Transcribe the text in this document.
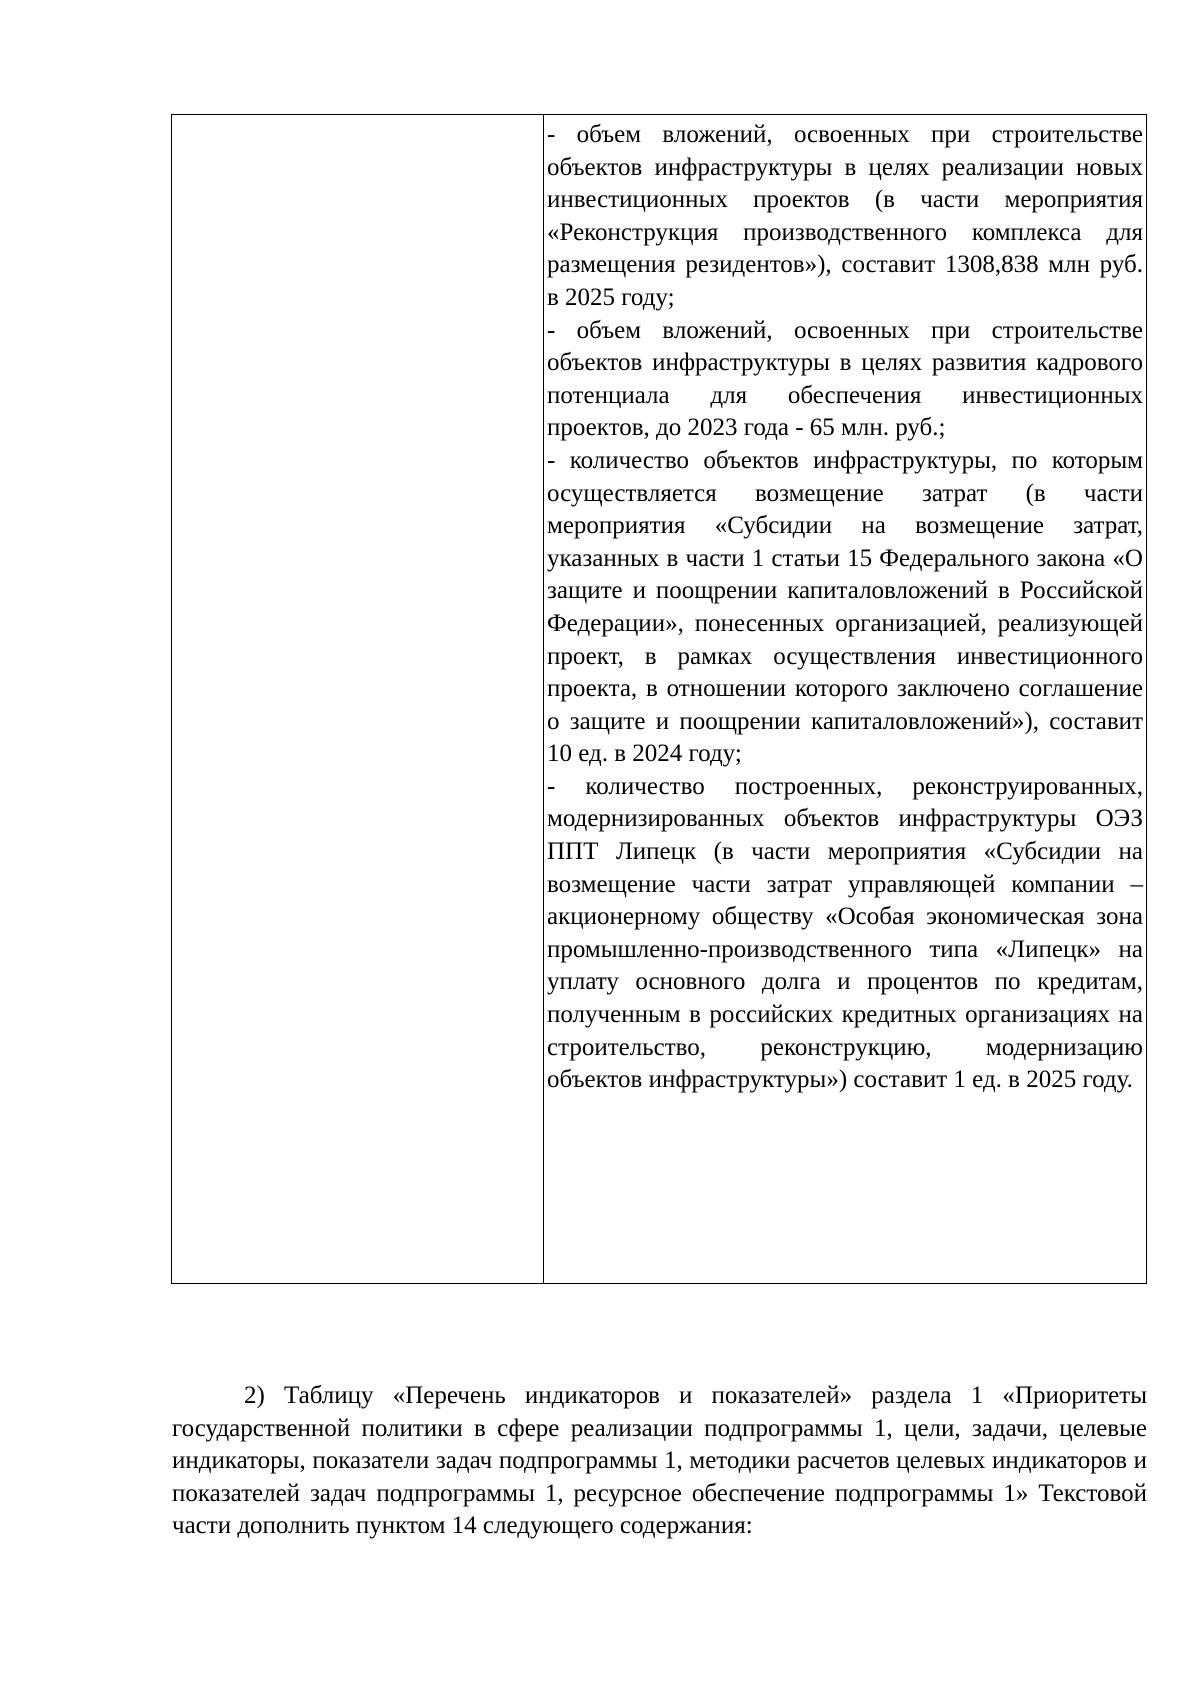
- объем вложений, освоенных при строительстве объектов инфраструктуры в целях реализации новых инвестиционных проектов (в части мероприятия «Реконструкция производственного комплекса для размещения резидентов»), составит 1308,838 млн руб. в 2025 году;

- объем вложений, освоенных при строительстве объектов инфраструктуры в целях развития кадрового потенциала для обеспечения инвестиционных проектов, до 2023 года - 65 млн. руб.;

- количество объектов инфраструктуры, по которым осуществляется возмещение затрат (в части мероприятия «Субсидии на возмещение затрат, указанных в части 1 статьи 15 Федерального закона «О защите и поощрении капиталовложений в Российской Федерации», понесенных организацией, реализующей проект, в рамках осуществления инвестиционного проекта, в отношении которого заключено соглашение о защите и поощрении капиталовложений»), составит 10 ед. в 2024 году;

- количество построенных, реконструированных, модернизированных объектов инфраструктуры ОЭЗ ППТ Липецк (в части мероприятия «Субсидии на возмещение части затрат управляющей компании – акционерному обществу «Особая экономическая зона промышленно-производственного типа «Липецк» на уплату основного долга и процентов по кредитам, полученным в российских кредитных организациях на строительство, реконструкцию, модернизацию объектов инфраструктуры») составит 1 ед. в 2025 году.

2) Таблицу «Перечень индикаторов и показателей» раздела 1 «Приоритеты государственной политики в сфере реализации подпрограммы 1, цели, задачи, целевые индикаторы, показатели задач подпрограммы 1, методики расчетов целевых индикаторов и показателей задач подпрограммы 1, ресурсное обеспечение подпрограммы 1» Текстовой части дополнить пунктом 14 следующего содержания:
